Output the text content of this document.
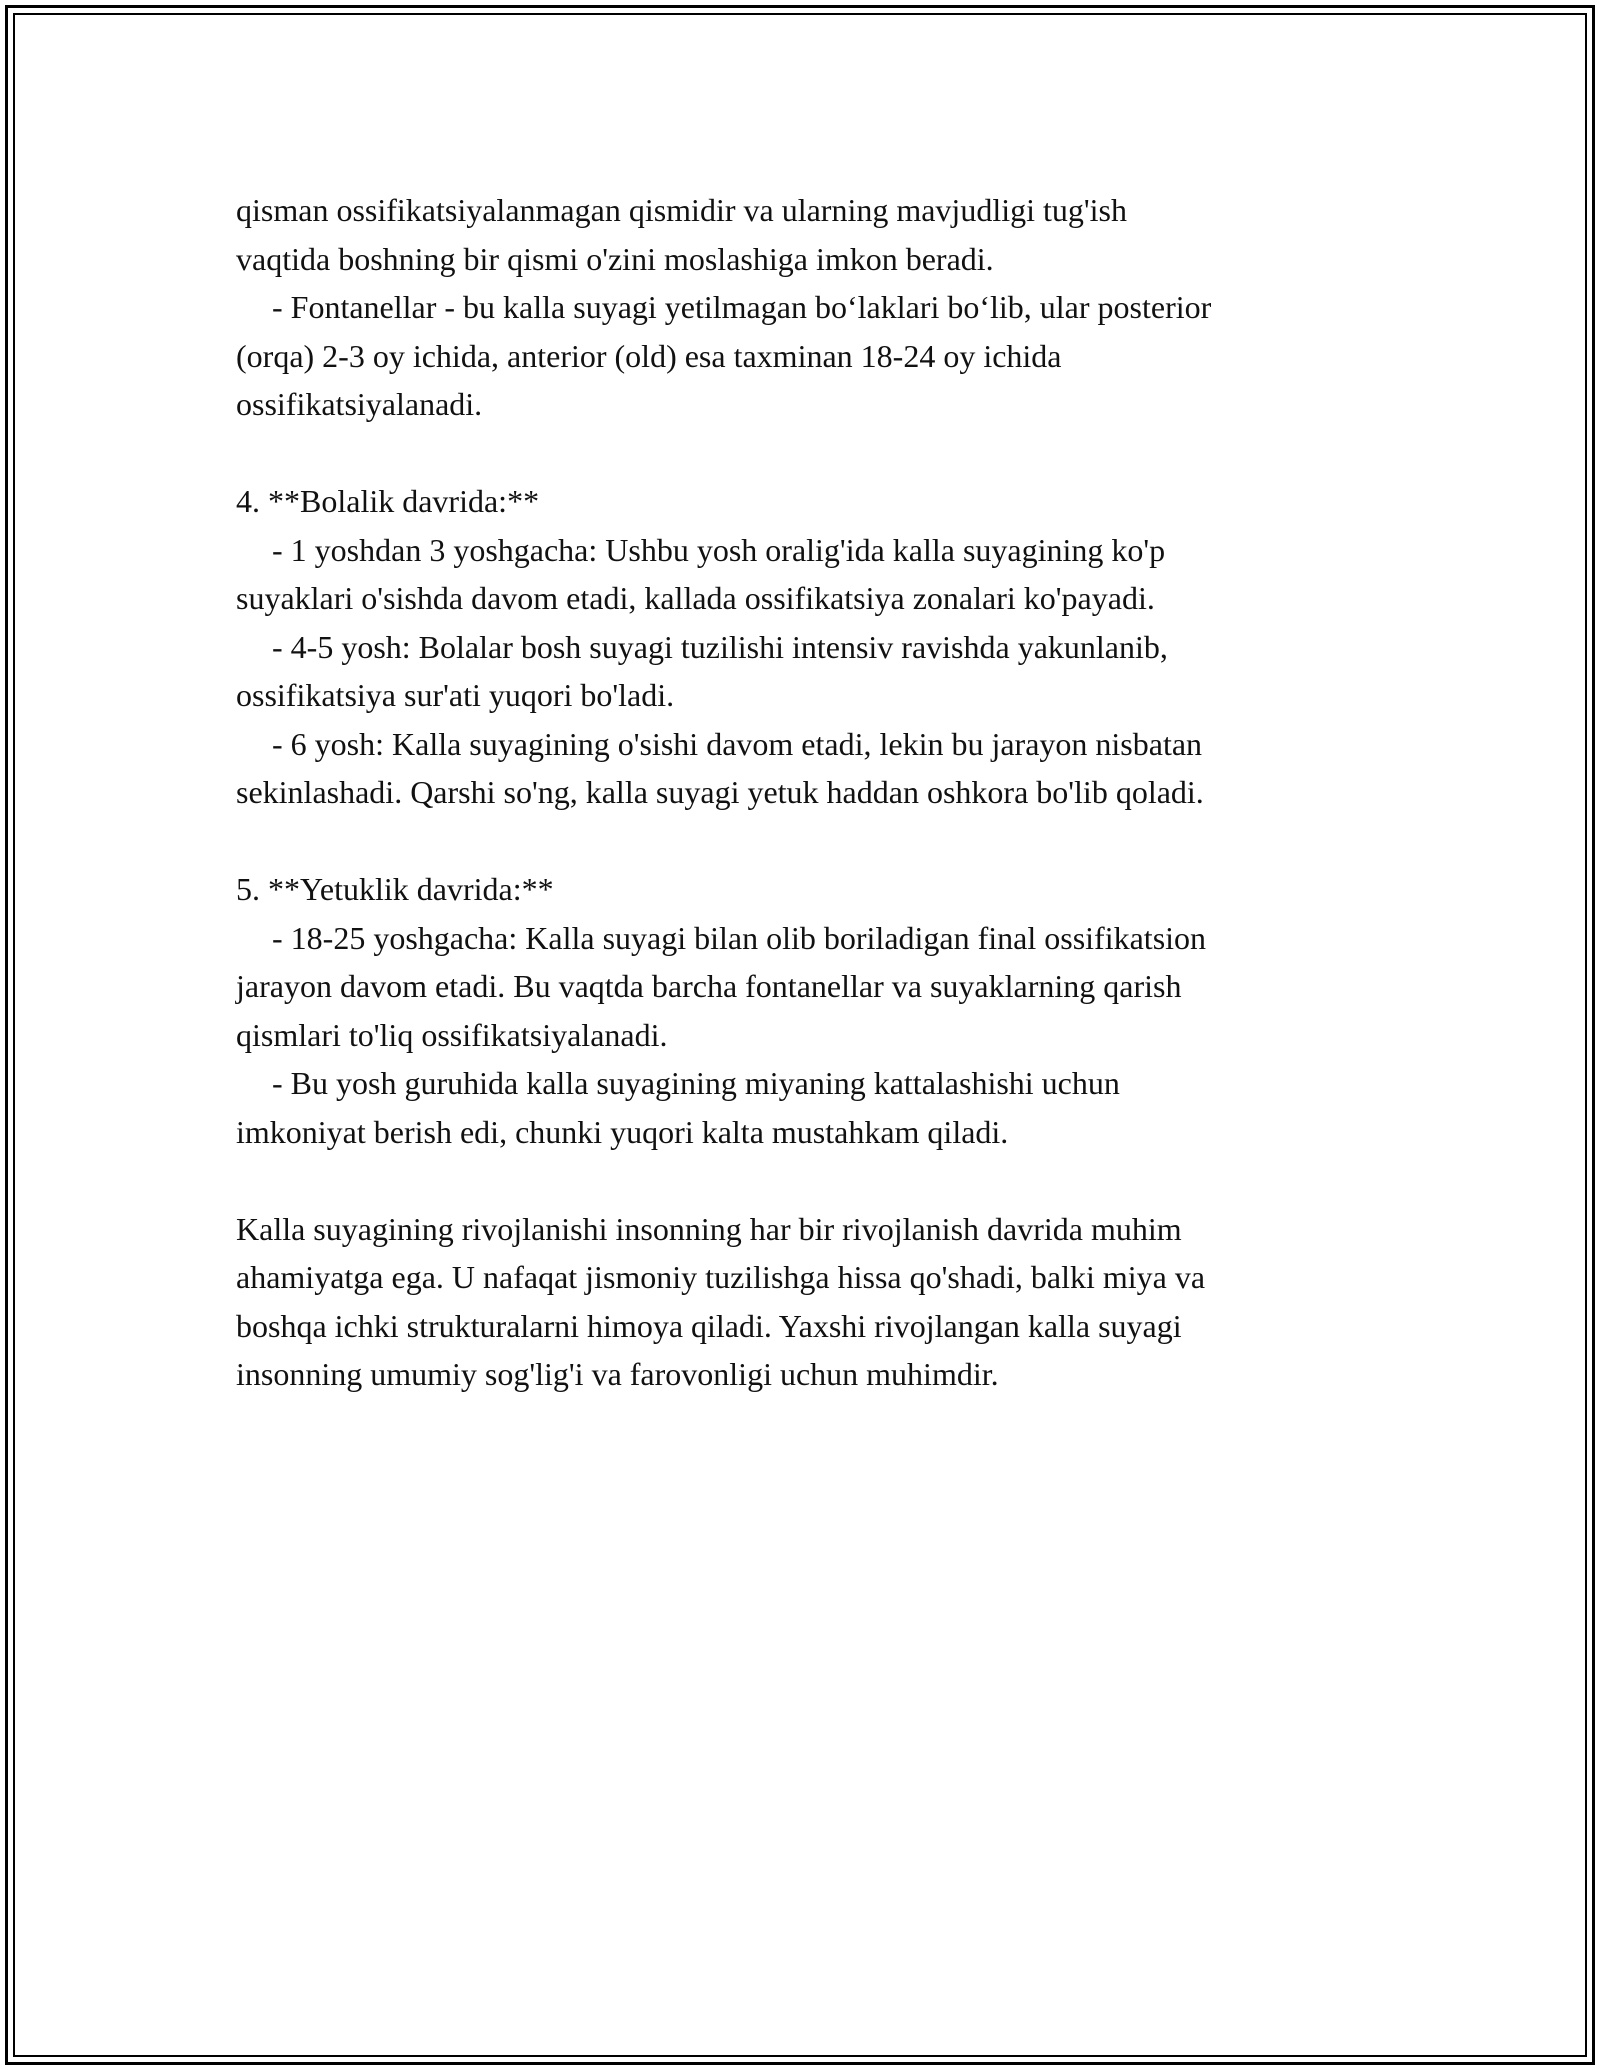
qisman ossifikatsiyalanmagan qismidir va ularning mavjudligi tug'ish

vaqtida boshning bir qismi o'zini moslashiga imkon beradi.

- Fontanellar - bu kalla suyagi yetilmagan bo‘laklari bo‘lib, ular posterior

(orqa) 2-3 oy ichida, anterior (old) esa taxminan 18-24 oy ichida

ossifikatsiyalanadi.

4. **Bolalik davrida:**

- 1 yoshdan 3 yoshgacha: Ushbu yosh oralig'ida kalla suyagining ko'p

suyaklari o'sishda davom etadi, kallada ossifikatsiya zonalari ko'payadi.

- 4-5 yosh: Bolalar bosh suyagi tuzilishi intensiv ravishda yakunlanib,

ossifikatsiya sur'ati yuqori bo'ladi.

- 6 yosh: Kalla suyagining o'sishi davom etadi, lekin bu jarayon nisbatan

sekinlashadi. Qarshi so'ng, kalla suyagi yetuk haddan oshkora bo'lib qoladi.

5. **Yetuklik davrida:**

- 18-25 yoshgacha: Kalla suyagi bilan olib boriladigan final ossifikatsion

jarayon davom etadi. Bu vaqtda barcha fontanellar va suyaklarning qarish

qismlari to'liq ossifikatsiyalanadi.

- Bu yosh guruhida kalla suyagining miyaning kattalashishi uchun

imkoniyat berish edi, chunki yuqori kalta mustahkam qiladi.

Kalla suyagining rivojlanishi insonning har bir rivojlanish davrida muhim

ahamiyatga ega. U nafaqat jismoniy tuzilishga hissa qo'shadi, balki miya va

boshqa ichki strukturalarni himoya qiladi. Yaxshi rivojlangan kalla suyagi

insonning umumiy sog'lig'i va farovonligi uchun muhimdir.
